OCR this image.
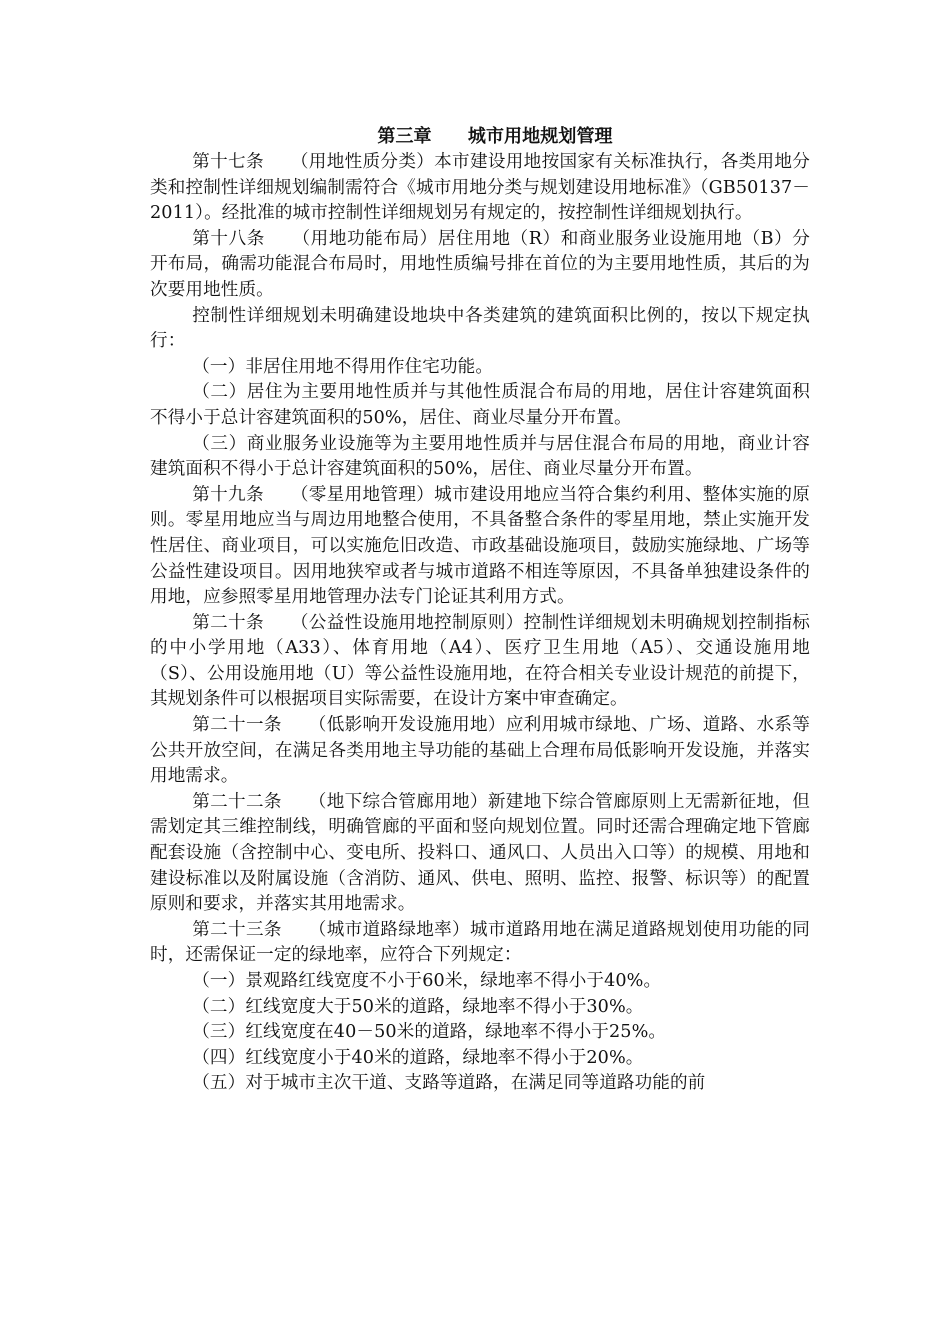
第三章　　城市用地规划管理

第十七条　　（用地性质分类）本市建设用地按国家有关标准执行，各类用地分类和控制性详细规划编制需符合《城市用地分类与规划建设用地标准》（GB50137－2011）。经批准的城市控制性详细规划另有规定的，按控制性详细规划执行。

第十八条　　（用地功能布局）居住用地（R）和商业服务业设施用地（B）分开布局，确需功能混合布局时，用地性质编号排在首位的为主要用地性质，其后的为次要用地性质。

控制性详细规划未明确建设地块中各类建筑的建筑面积比例的，按以下规定执行：

（一）非居住用地不得用作住宅功能。

（二）居住为主要用地性质并与其他性质混合布局的用地，居住计容建筑面积不得小于总计容建筑面积的50%，居住、商业尽量分开布置。

（三）商业服务业设施等为主要用地性质并与居住混合布局的用地，商业计容建筑面积不得小于总计容建筑面积的50%，居住、商业尽量分开布置。

第十九条　　（零星用地管理）城市建设用地应当符合集约利用、整体实施的原则。零星用地应当与周边用地整合使用，不具备整合条件的零星用地，禁止实施开发性居住、商业项目，可以实施危旧改造、市政基础设施项目，鼓励实施绿地、广场等公益性建设项目。因用地狭窄或者与城市道路不相连等原因，不具备单独建设条件的用地，应参照零星用地管理办法专门论证其利用方式。

第二十条　　（公益性设施用地控制原则）控制性详细规划未明确规划控制指标的中小学用地（A33）、体育用地（A4）、医疗卫生用地（A5）、交通设施用地（S）、公用设施用地（U）等公益性设施用地，在符合相关专业设计规范的前提下，其规划条件可以根据项目实际需要，在设计方案中审查确定。

第二十一条　　（低影响开发设施用地）应利用城市绿地、广场、道路、水系等公共开放空间，在满足各类用地主导功能的基础上合理布局低影响开发设施，并落实用地需求。

第二十二条　　（地下综合管廊用地）新建地下综合管廊原则上无需新征地，但需划定其三维控制线，明确管廊的平面和竖向规划位置。同时还需合理确定地下管廊配套设施（含控制中心、变电所、投料口、通风口、人员出入口等）的规模、用地和建设标准以及附属设施（含消防、通风、供电、照明、监控、报警、标识等）的配置原则和要求，并落实其用地需求。

第二十三条　　（城市道路绿地率）城市道路用地在满足道路规划使用功能的同时，还需保证一定的绿地率，应符合下列规定：

（一）景观路红线宽度不小于60米，绿地率不得小于40%。

（二）红线宽度大于50米的道路，绿地率不得小于30%。

（三）红线宽度在40－50米的道路，绿地率不得小于25%。

（四）红线宽度小于40米的道路，绿地率不得小于20%。

（五）对于城市主次干道、支路等道路，在满足同等道路功能的前
